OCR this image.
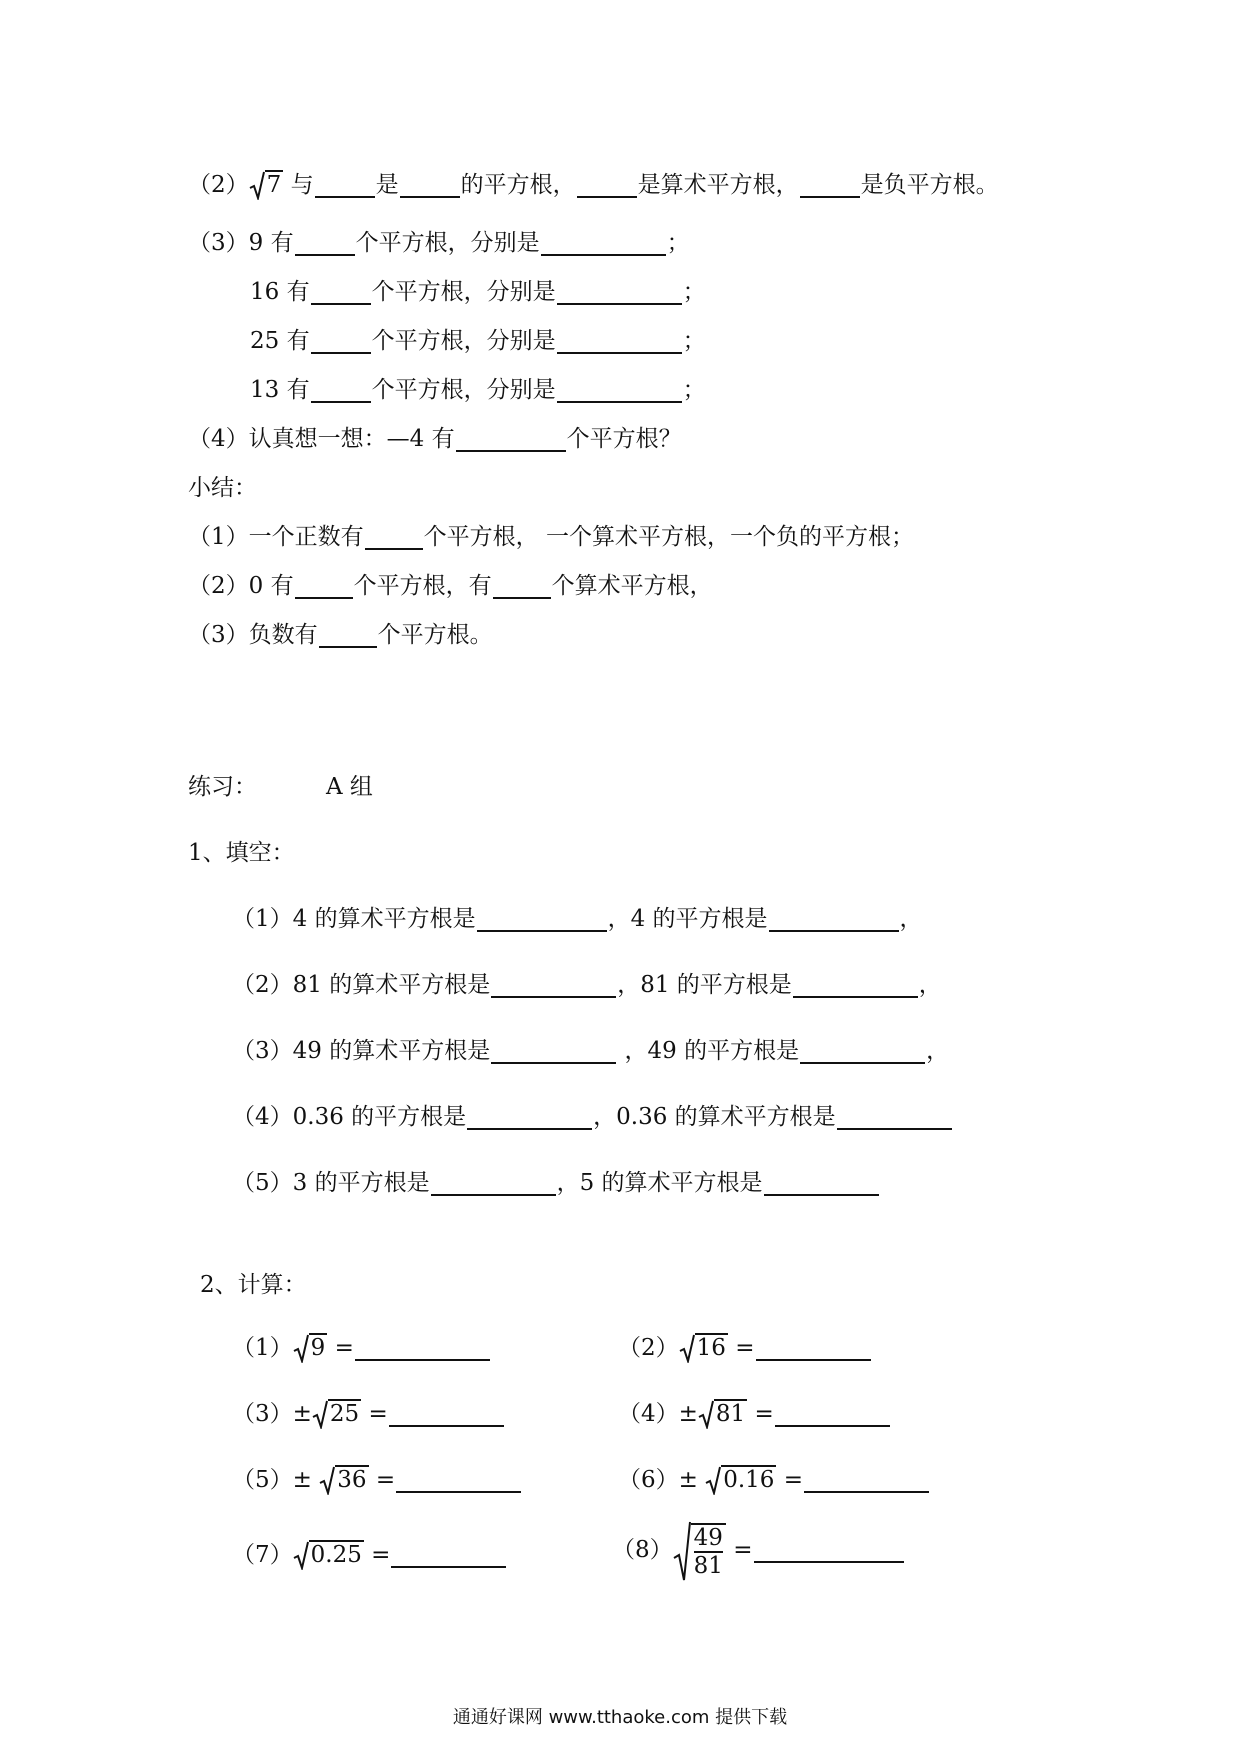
（2） 7 与	是	的平方根，	是算术平方根，	是负平方根。
（3）9 有	个平方根，分别是	；
16 有	个平方根，分别是	；
25 有	个平方根，分别是	；
13 有	个平方根，分别是	；
（4）认真想一想：—4 有	个平方根？
小结：
（1）一个正数有	个平方根， 一个算术平方根，一个负的平方根；
（2）0 有	个平方根，有	个算术平方根，
（3）负数有	个平方根。
练习：	A 组
1、填空：
（1）4 的算术平方根是	，4 的平方根是	，
（2）81 的算术平方根是	，81 的平方根是	，
（3）49 的算术平方根是	，49 的平方根是	，
（4）0.36 的平方根是	，0.36 的算术平方根是
（5）3 的平方根是	，5 的算术平方根是
2、计算：
（1） 9 =	（2） 16 =
（3）± 25 =	（4）± 81 =
（5）± 36 =	（6）± 0.16 =
（7） 0.25 =	$(8) \frac{49}{81}$ =
通通好课网 www.tthaoke.com 提供下载
